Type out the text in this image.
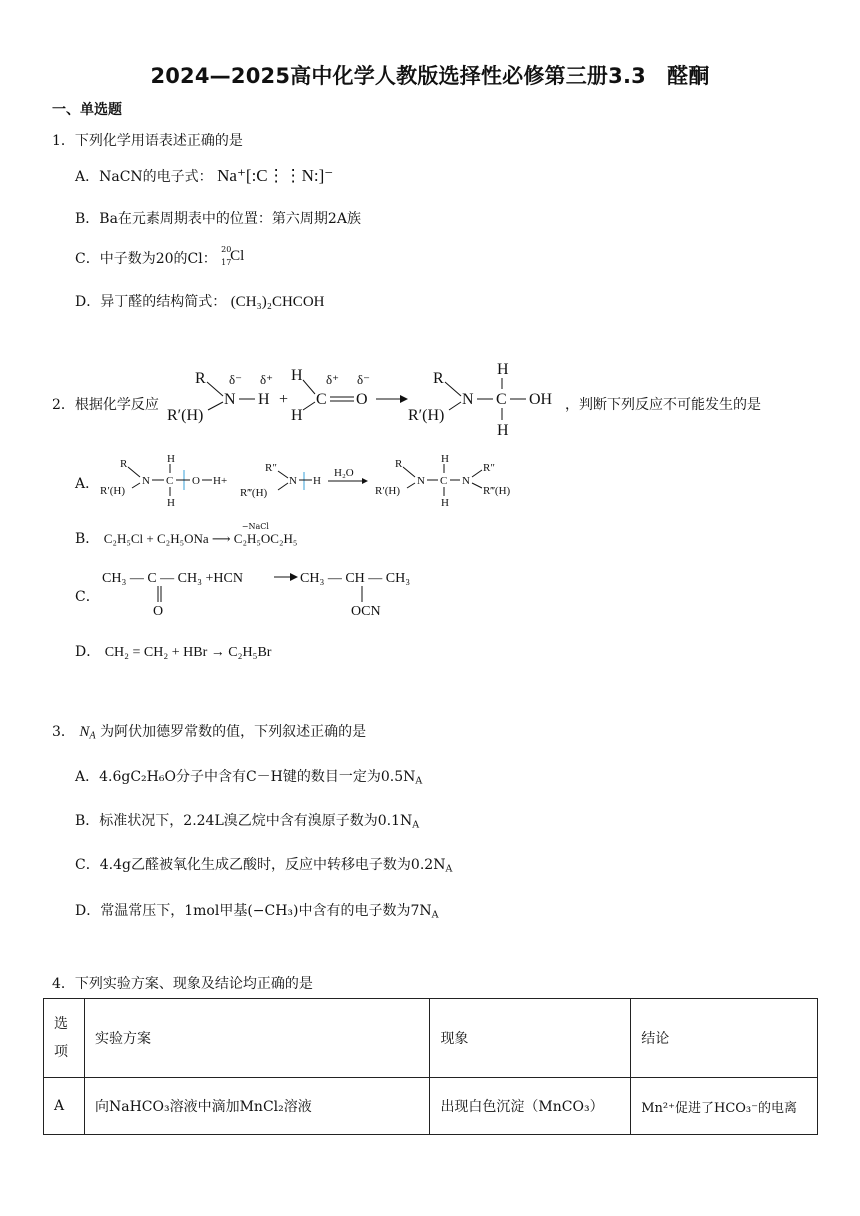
2024—2025高中化学人教版选择性必修第三册3.3　醛酮
一、单选题
1．下列化学用语表述正确的是
A．NaCN的电子式： Na⁺[:C⋮⋮N:]⁻
B．Ba在元素周期表中的位置：第六周期2A族
C．中子数为20的Cl：
20
17
Cl
D．异丁醛的结构简式： (CH₃)₂CHCOH
2．根据化学反应
R
R′(H)
N
δ⁻
H
δ⁺
+
H
H
C
δ⁺
O
δ⁻	R
R′(H)
N C
H
H
OH ，判断下列反应不可能发生的是
A．
R
R′(H)
N C
H
H
O H+
R″
R‴(H)
N H
H₂O
R
R′(H)
N C
H
H
N
R″
R‴(H)
B． C₂H₅Cl + C₂H₅ONa ⟶ C₂H₅OC₂H₅
−NaCl
C．
CH₃ — C — CH₃ +HCN
O
CH₃ — CH — CH₃
OCN
D． CH₂ = CH₂ + HBr → C₂H₅Br
3． $N_A$ 为阿伏加德罗常数的值，下列叙述正确的是
A．4.6gC₂H₆O分子中含有C－H键的数目一定为$0.5N_A$
B．标准状况下，2.24L溴乙烷中含有溴原子数为$0.1N_A$
C．4.4g乙醛被氧化生成乙酸时，反应中转移电子数为$0.2N_A$
D．常温常压下，1mol甲基(−CH₃)中含有的电子数为$7N_A$
4．下列实验方案、现象及结论均正确的是
选项	实验方案	现象	结论
A	向NaHCO₃溶液中滴加MnCl₂溶液	出现白色沉淀（MnCO₃）	Mn²⁺促进了HCO₃⁻的电离
